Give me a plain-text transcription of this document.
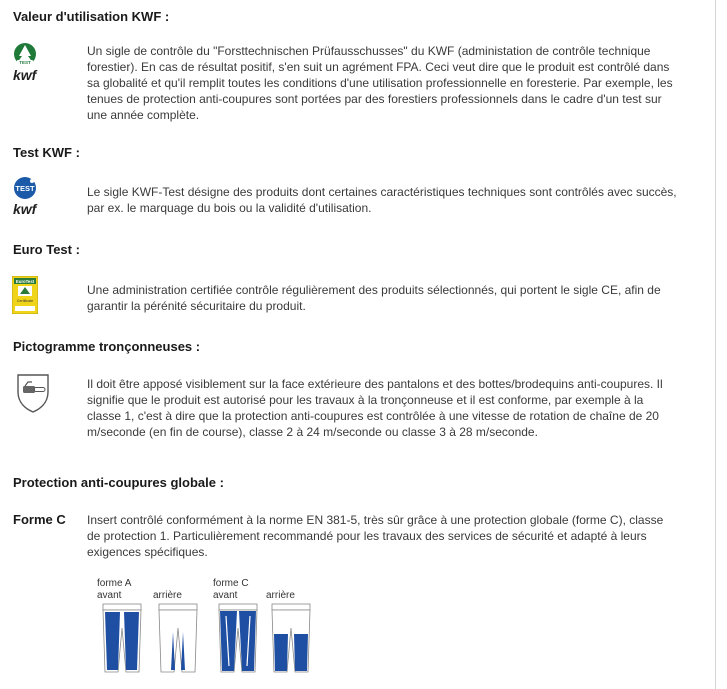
Valeur d'utilisation KWF :
TEST
kwf

Un sigle de contrôle du "Forsttechnischen Prüfausschusses" du KWF (administation de contrôle technique forestier). En cas de résultat positif, s'en suit un agrément FPA. Ceci veut dire que le produit est contrôlé dans sa globalité et qu'il remplit toutes les conditions d'une utilisation professionnelle en foresterie. Par exemple, les tenues de protection anti-coupures sont portées par des forestiers professionnels dans le cadre d'un test sur une année complète.

Test KWF :
TEST
kwf

Le sigle KWF-Test désigne des produits dont certaines caractéristiques techniques sont contrôlés avec succès, par ex. le marquage du bois ou la validité d'utilisation.

Euro Test :
EuroTest
Certificate

Une administration certifiée contrôle régulièrement des produits sélectionnés, qui portent le sigle CE, afin de garantir la pérénité sécuritaire du produit.

Pictogramme tronçonneuses :

Il doit être apposé visiblement sur la face extérieure des pantalons et des bottes/brodequins anti-coupures. Il signifie que le produit est autorisé pour les travaux à la tronçonneuse et il est conforme, par exemple à la classe 1, c'est à dire que la protection anti-coupures est contrôlée à une vitesse de rotation de chaîne de 20 m/seconde (en fin de course), classe 2 à 24 m/seconde ou classe 3 à 28 m/seconde.

Protection anti-coupures globale :
Forme C Insert contrôlé conformément à la norme EN 381-5, très sûr grâce à une protection globale (forme C), classe de protection 1. Particulièrement recommandé pour les travaux des services de sécurité et adapté à leurs exigences spécifiques.

forme A
avant
	arrière
forme C
avant
	arrière
